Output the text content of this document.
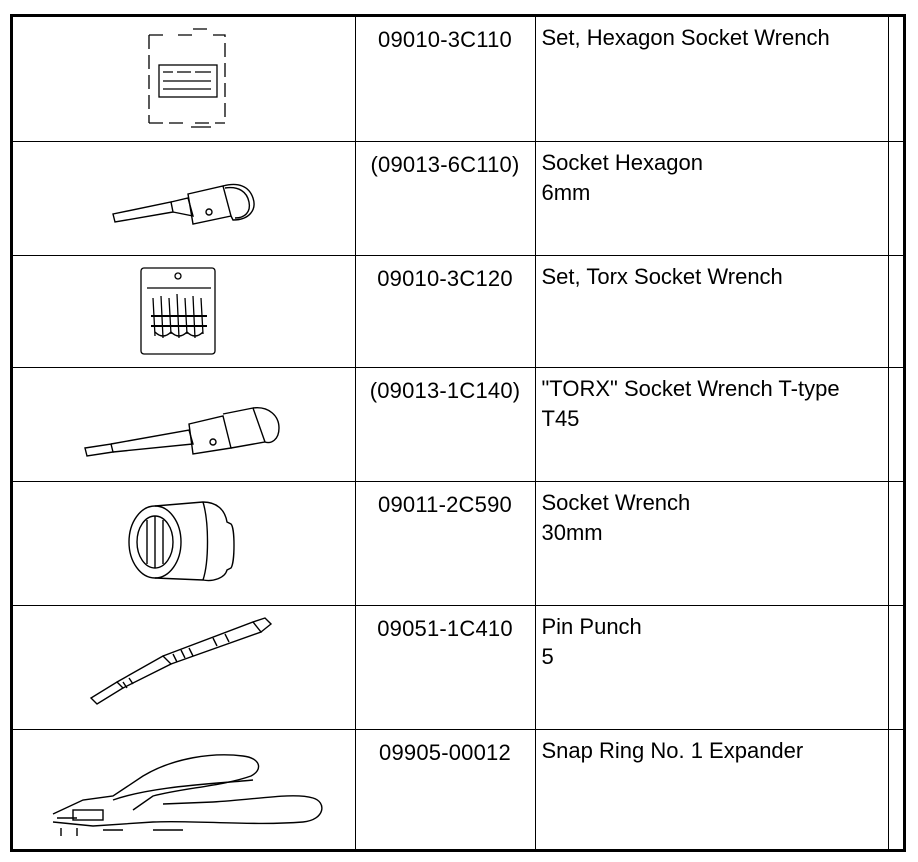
	09010-3C110	Set, Hexagon Socket Wrench	

	(09013-6C110)	Socket Hexagon
6mm	

	09010-3C120	Set, Torx Socket Wrench	

	(09013-1C140)	"TORX" Socket Wrench T-type
T45	

	09011-2C590	Socket Wrench
30mm	

	09051-1C410	Pin Punch
5	

	09905-00012	Snap Ring No. 1 Expander	
